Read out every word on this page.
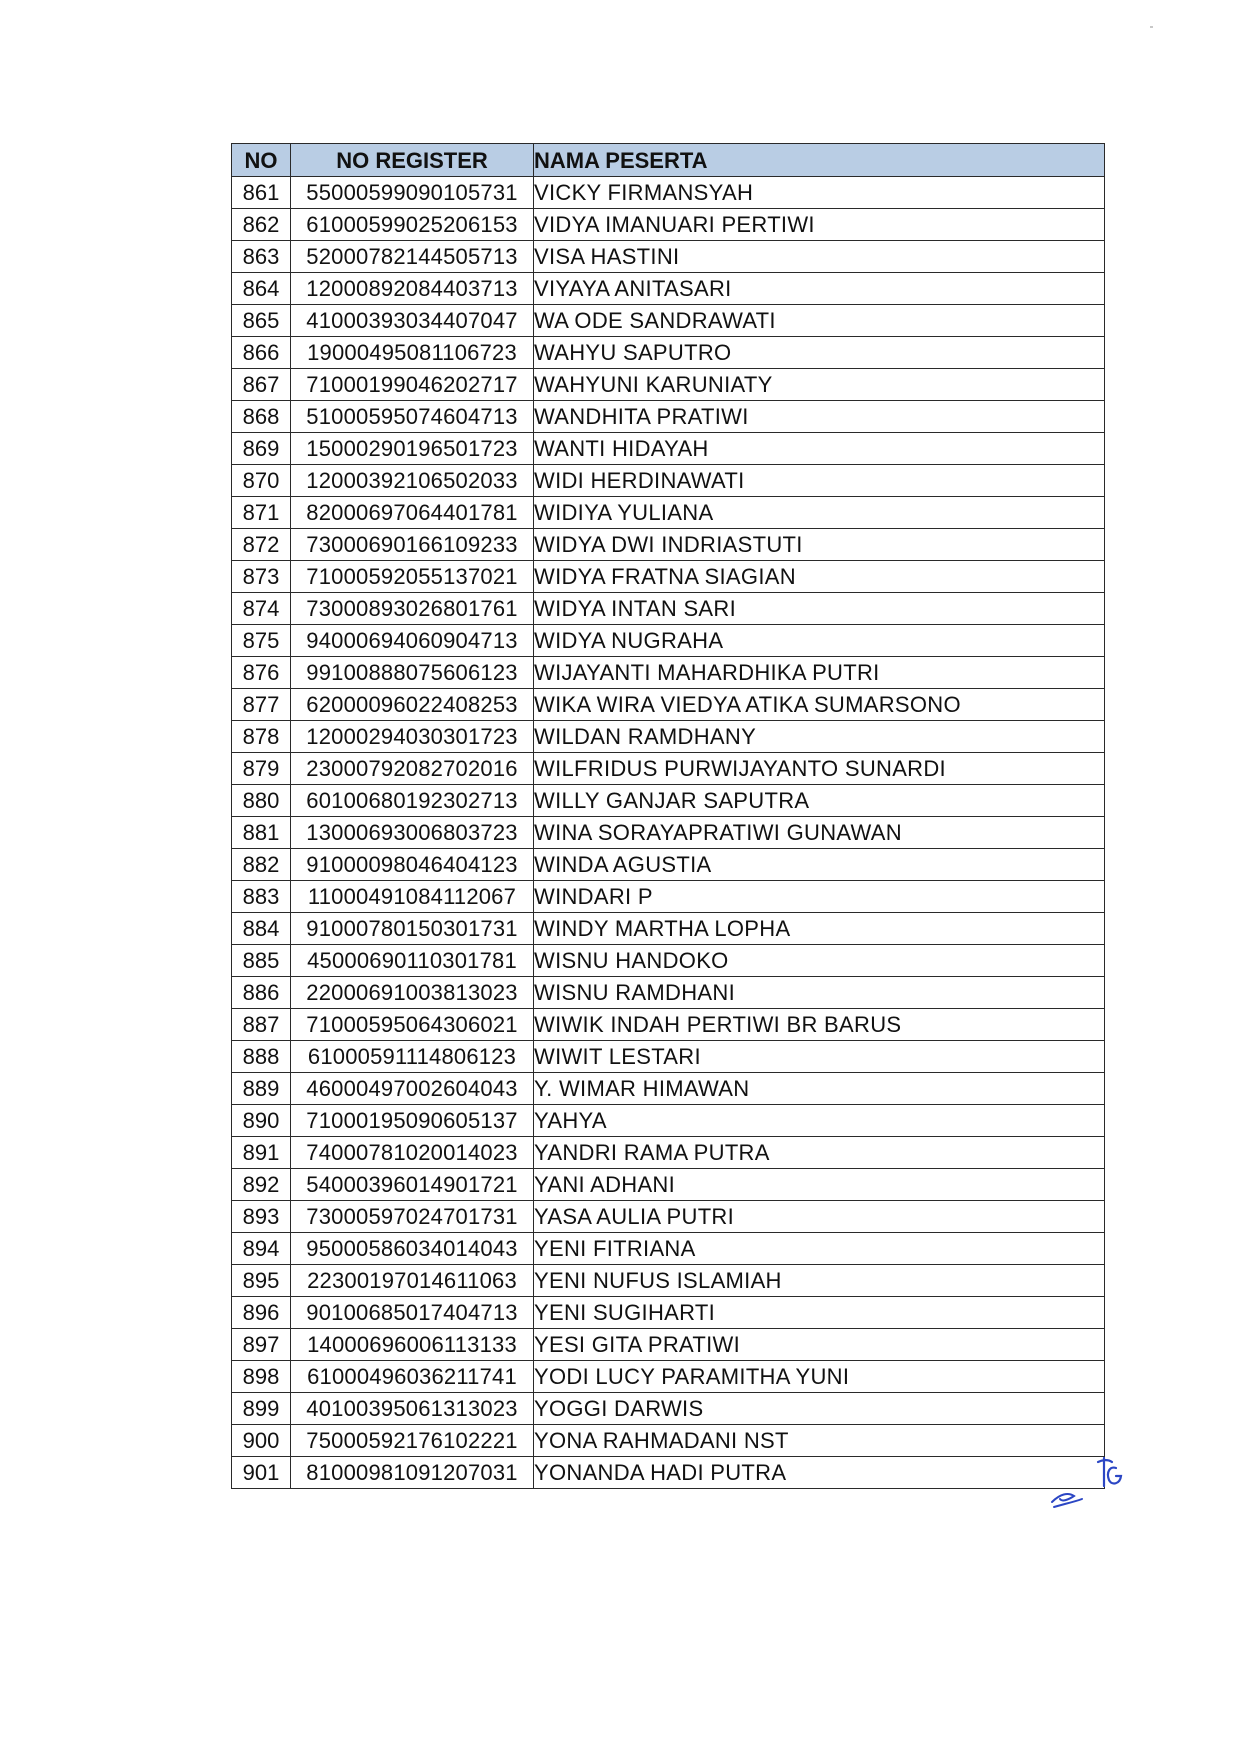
NO	NO REGISTER	NAMA PESERTA
861	55000599090105731	VICKY FIRMANSYAH
862	61000599025206153	VIDYA IMANUARI PERTIWI
863	52000782144505713	VISA HASTINI
864	12000892084403713	VIYAYA ANITASARI
865	41000393034407047	WA ODE SANDRAWATI
866	19000495081106723	WAHYU SAPUTRO
867	71000199046202717	WAHYUNI KARUNIATY
868	51000595074604713	WANDHITA PRATIWI
869	15000290196501723	WANTI HIDAYAH
870	12000392106502033	WIDI HERDINAWATI
871	82000697064401781	WIDIYA YULIANA
872	73000690166109233	WIDYA DWI INDRIASTUTI
873	71000592055137021	WIDYA FRATNA SIAGIAN
874	73000893026801761	WIDYA INTAN SARI
875	94000694060904713	WIDYA NUGRAHA
876	99100888075606123	WIJAYANTI MAHARDHIKA PUTRI
877	62000096022408253	WIKA WIRA VIEDYA ATIKA SUMARSONO
878	12000294030301723	WILDAN RAMDHANY
879	23000792082702016	WILFRIDUS PURWIJAYANTO SUNARDI
880	60100680192302713	WILLY GANJAR SAPUTRA
881	13000693006803723	WINA SORAYAPRATIWI GUNAWAN
882	91000098046404123	WINDA AGUSTIA
883	11000491084112067	WINDARI P
884	91000780150301731	WINDY MARTHA LOPHA
885	45000690110301781	WISNU HANDOKO
886	22000691003813023	WISNU RAMDHANI
887	71000595064306021	WIWIK INDAH PERTIWI BR BARUS
888	61000591114806123	WIWIT LESTARI
889	46000497002604043	Y. WIMAR HIMAWAN
890	71000195090605137	YAHYA
891	74000781020014023	YANDRI RAMA PUTRA
892	54000396014901721	YANI ADHANI
893	73000597024701731	YASA AULIA PUTRI
894	95000586034014043	YENI FITRIANA
895	22300197014611063	YENI NUFUS ISLAMIAH
896	90100685017404713	YENI SUGIHARTI
897	14000696006113133	YESI GITA PRATIWI
898	61000496036211741	YODI LUCY PARAMITHA YUNI
899	40100395061313023	YOGGI DARWIS
900	75000592176102221	YONA RAHMADANI NST
901	81000981091207031	YONANDA HADI PUTRA
